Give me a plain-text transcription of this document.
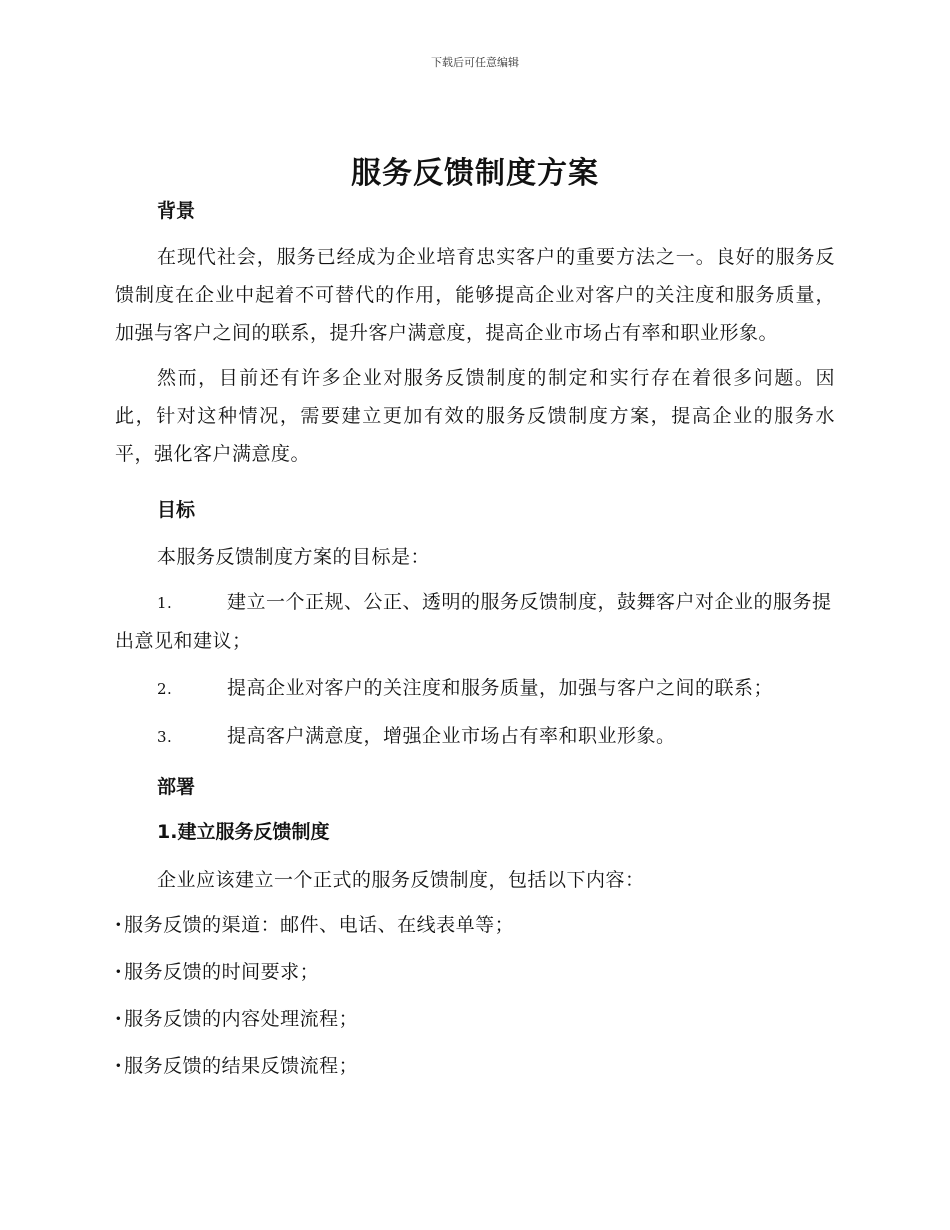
下载后可任意编辑
服务反馈制度方案

背景

在现代社会，服务已经成为企业培育忠实客户的重要方法之一。良好的服务反馈制度在企业中起着不可替代的作用，能够提高企业对客户的关注度和服务质量，加强与客户之间的联系，提升客户满意度，提高企业市场占有率和职业形象。

然而，目前还有许多企业对服务反馈制度的制定和实行存在着很多问题。因此，针对这种情况，需要建立更加有效的服务反馈制度方案，提高企业的服务水平，强化客户满意度。

目标

本服务反馈制度方案的目标是：

1.	建立一个正规、公正、透明的服务反馈制度，鼓舞客户对企业的服务提出意见和建议；

2.	提高企业对客户的关注度和服务质量，加强与客户之间的联系；

3.	提高客户满意度，增强企业市场占有率和职业形象。

部署

1.建立服务反馈制度

企业应该建立一个正式的服务反馈制度，包括以下内容：

· 服务反馈的渠道：邮件、电话、在线表单等；

· 服务反馈的时间要求；

· 服务反馈的内容处理流程；

· 服务反馈的结果反馈流程；
